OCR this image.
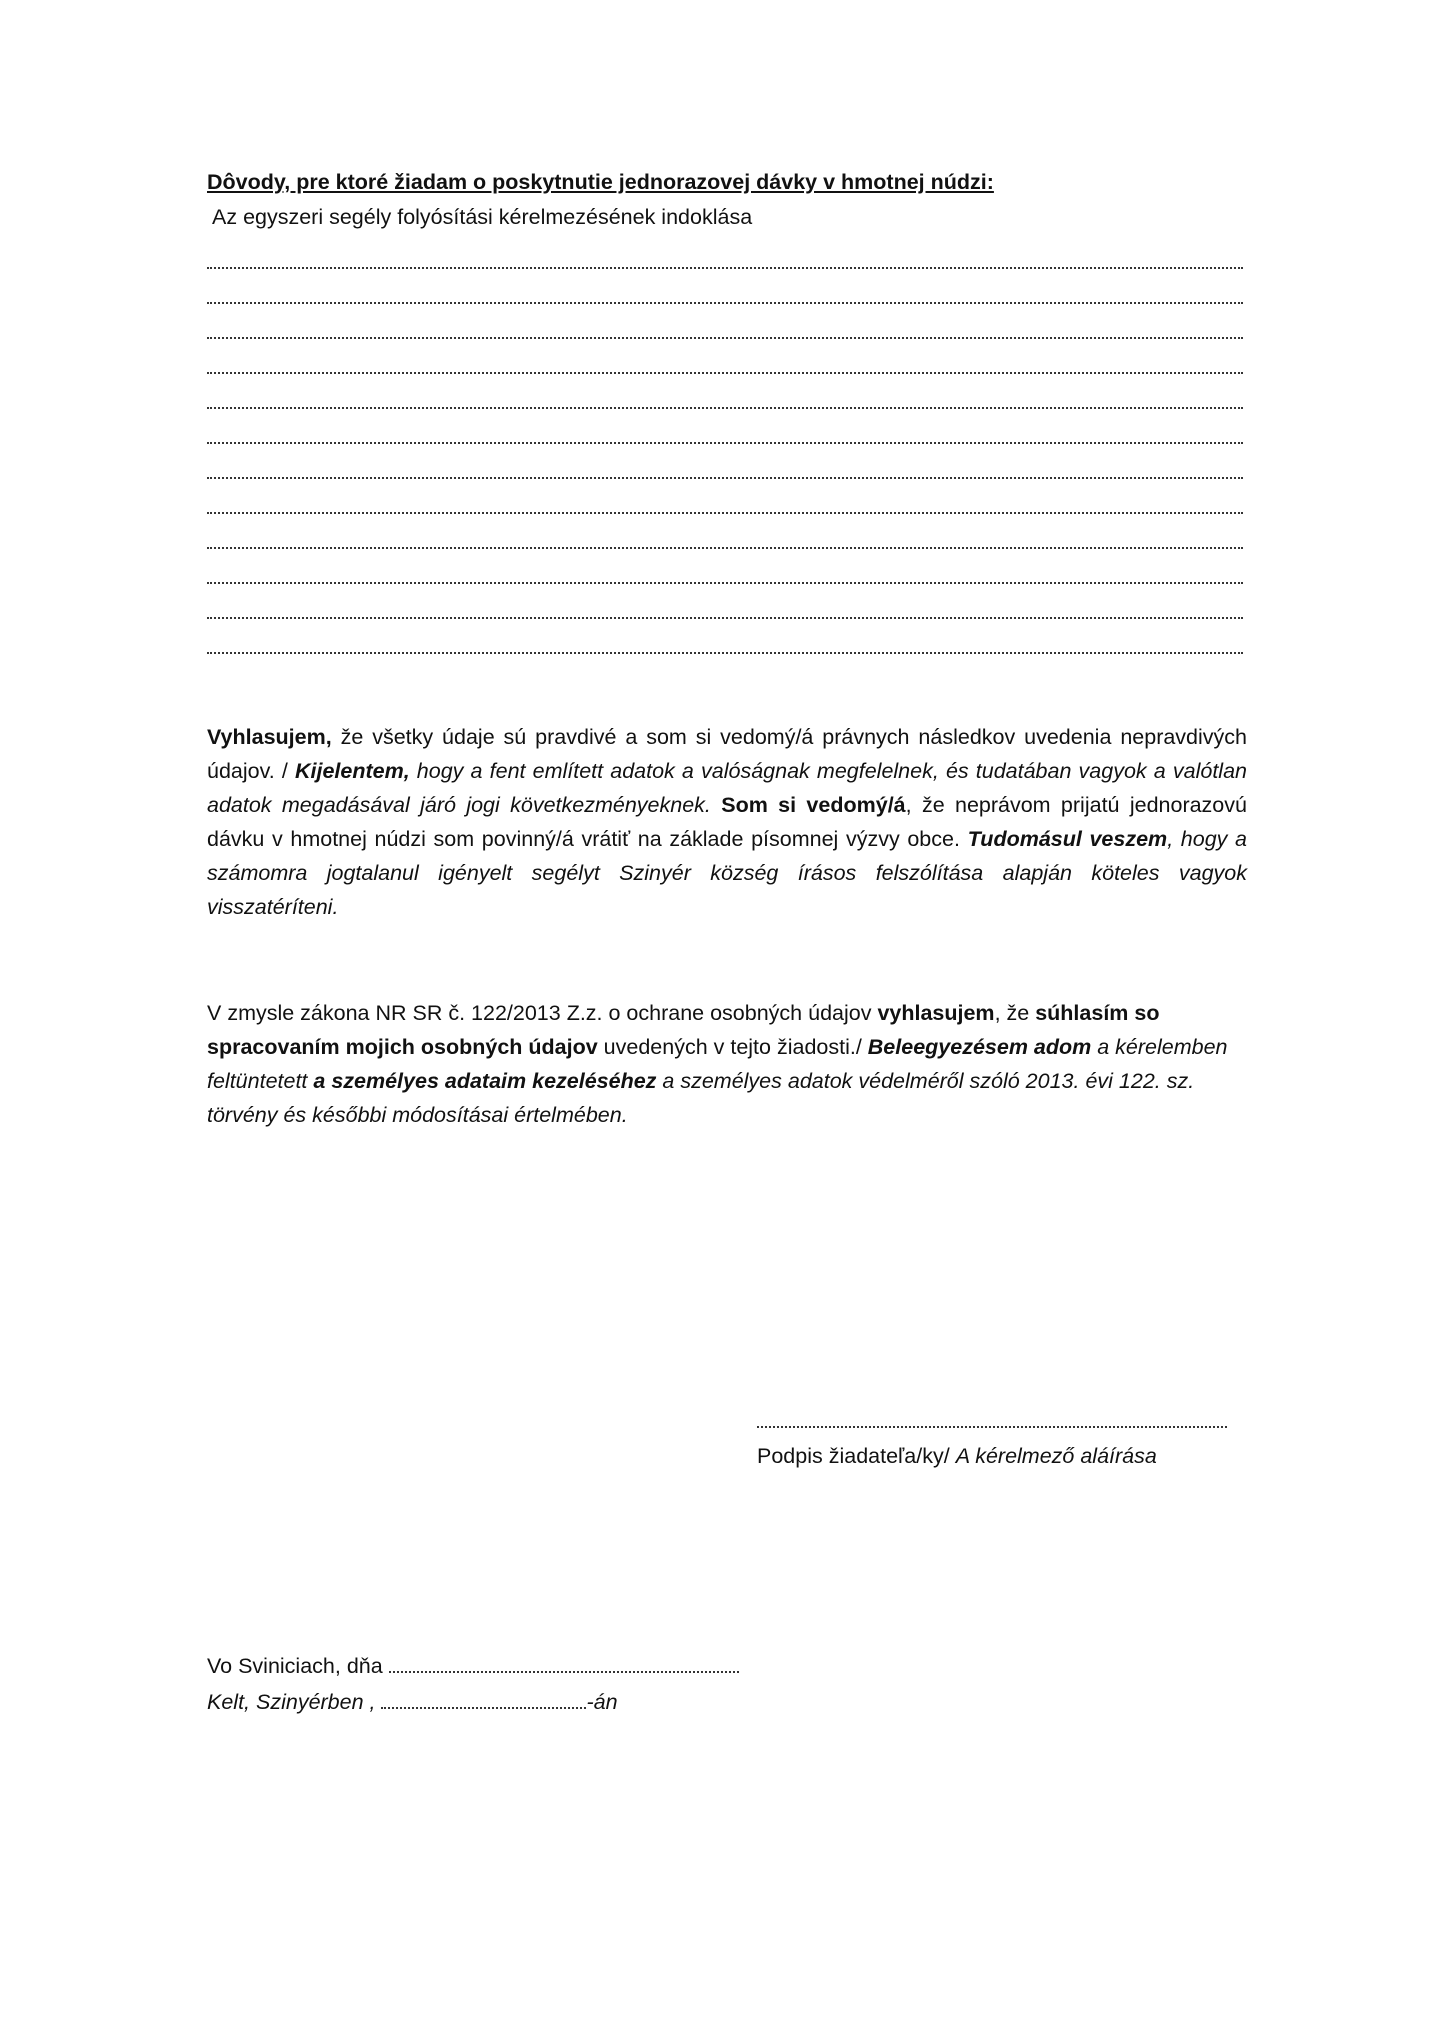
Dôvody, pre ktoré žiadam o poskytnutie jednorazovej dávky v hmotnej núdzi:
Az egyszeri segély folyósítási kérelmezésének indoklása
Vyhlasujem, že všetky údaje sú pravdivé a som si vedomý/á právnych následkov uvedenia nepravdivých údajov. / Kijelentem, hogy a fent említett adatok a valóságnak megfelelnek, és tudatában vagyok a valótlan adatok megadásával járó jogi következményeknek. Som si vedomý/á, že neprávom prijatú jednorazovú dávku v hmotnej núdzi som povinný/á vrátiť na základe písomnej výzvy obce. Tudomásul veszem, hogy a számomra jogtalanul igényelt segélyt Szinyér község írásos felszólítása alapján köteles vagyok visszatéríteni.
V zmysle zákona NR SR č. 122/2013 Z.z. o ochrane osobných údajov vyhlasujem, že súhlasím so spracovaním mojich osobných údajov uvedených v tejto žiadosti./ Beleegyezésem adom a kérelemben feltüntetett a személyes adataim kezeléséhez a személyes adatok védelméről szóló 2013. évi 122. sz. törvény és későbbi módosításai értelmében.
Podpis žiadateľa/ky/ A kérelmező aláírása
Vo Sviniciach, dňa
Kelt, Szinyérben ,	-án
